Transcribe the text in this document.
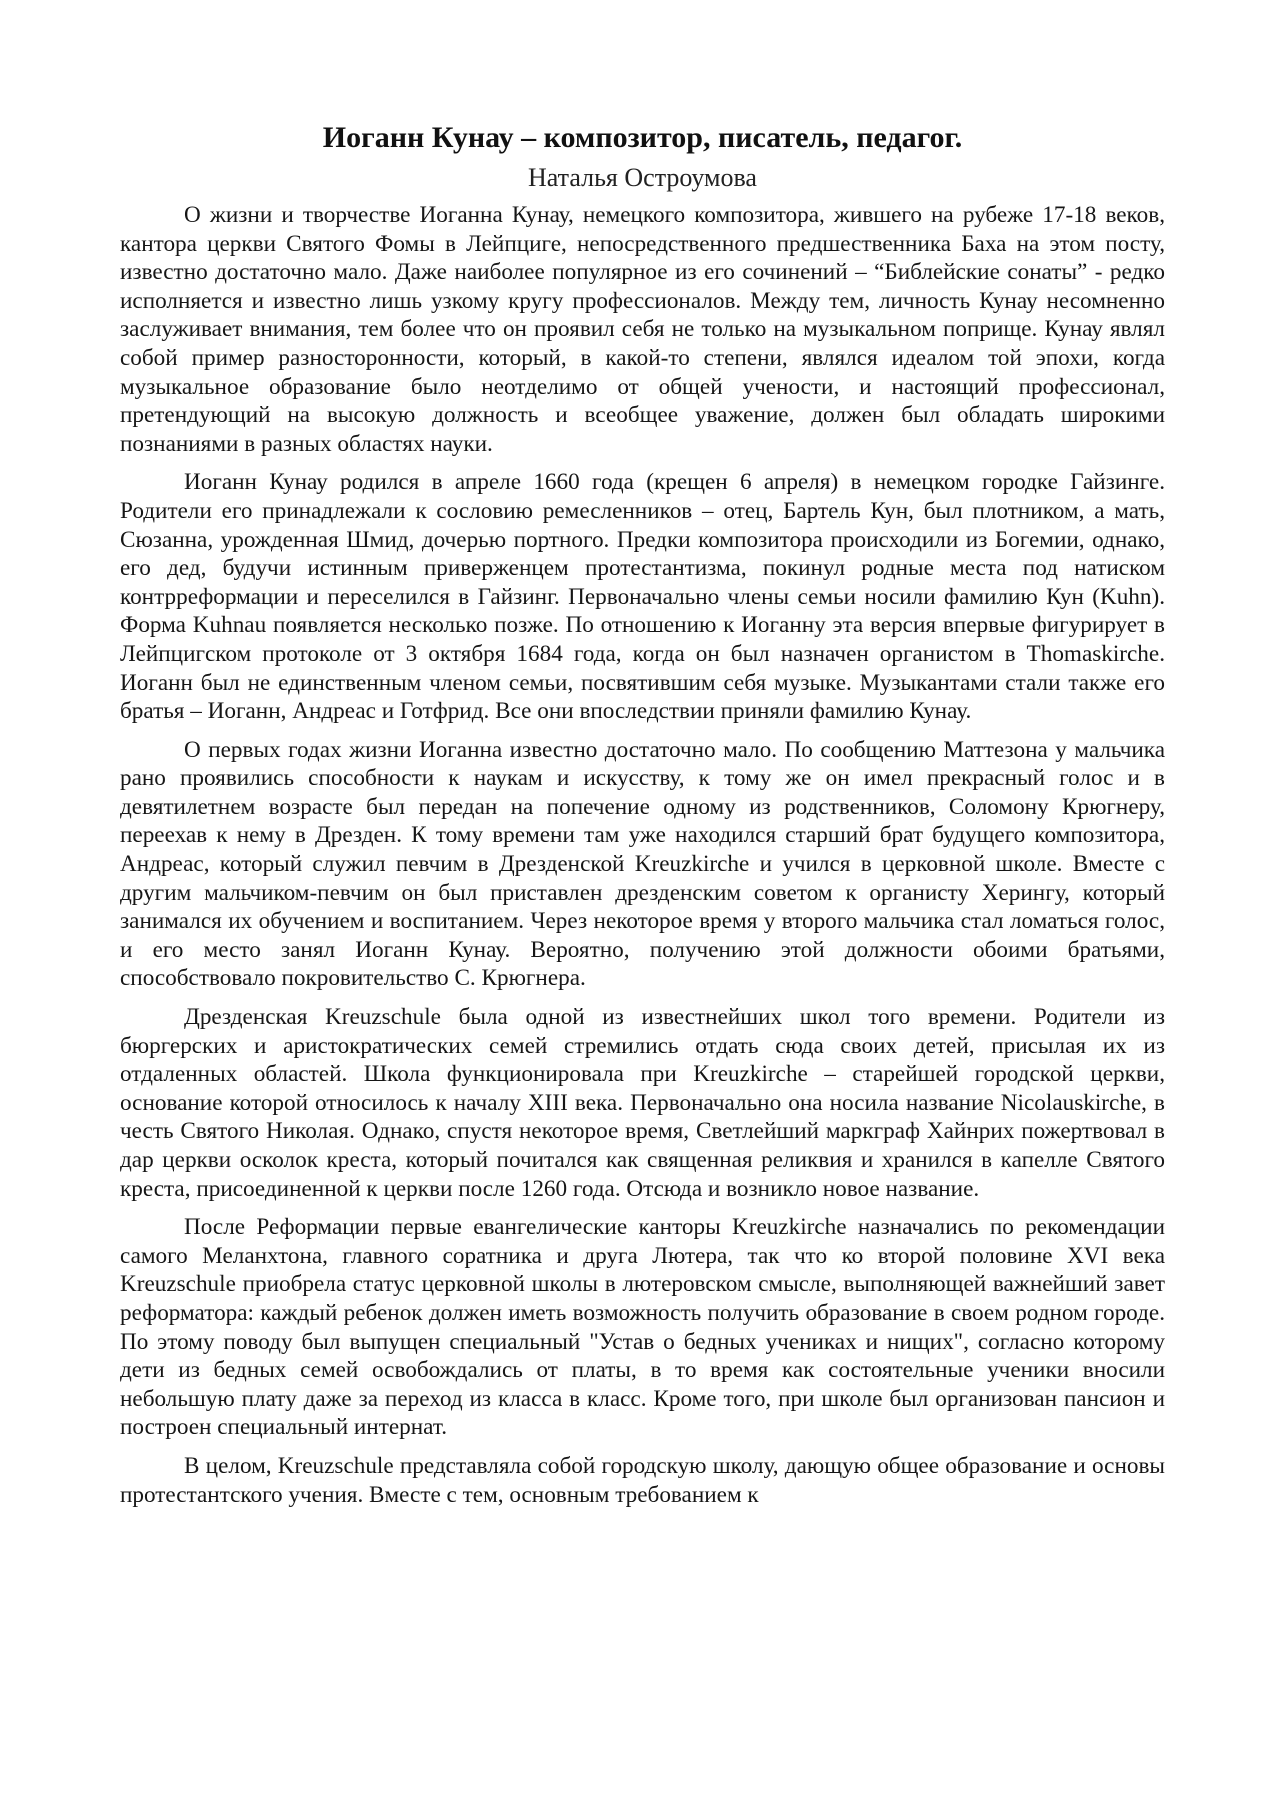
Иоганн Кунау – композитор, писатель, педагог.
Наталья Остроумова

О жизни и творчестве Иоганна Кунау, немецкого композитора, жившего на рубеже 17-18 веков, кантора церкви Святого Фомы в Лейпциге, непосредственного предшественника Баха на этом посту, известно достаточно мало. Даже наиболее популярное из его сочинений – “Библейские сонаты” - редко исполняется и известно лишь узкому кругу профессионалов. Между тем, личность Кунау несомненно заслуживает внимания, тем более что он проявил себя не только на музыкальном поприще. Кунау являл собой пример разносторонности, который, в какой-то степени, являлся идеалом той эпохи, когда музыкальное образование было неотделимо от общей учености, и настоящий профессионал, претендующий на высокую должность и всеобщее уважение, должен был обладать широкими познаниями в разных областях науки.

Иоганн Кунау родился в апреле 1660 года (крещен 6 апреля) в немецком городке Гайзинге. Родители его принадлежали к сословию ремесленников – отец, Бартель Кун, был плотником, а мать, Сюзанна, урожденная Шмид, дочерью портного. Предки композитора происходили из Богемии, однако, его дед, будучи истинным приверженцем протестантизма, покинул родные места под натиском контрреформации и переселился в Гайзинг. Первоначально члены семьи носили фамилию Кун (Kuhn). Форма Kuhnau появляется несколько позже. По отношению к Иоганну эта версия впервые фигурирует в Лейпцигском протоколе от 3 октября 1684 года, когда он был назначен органистом в Thomaskirche. Иоганн был не единственным членом семьи, посвятившим себя музыке. Музыкантами стали также его братья – Иоганн, Андреас и Готфрид. Все они впоследствии приняли фамилию Кунау.

О первых годах жизни Иоганна известно достаточно мало. По сообщению Маттезона у мальчика рано проявились способности к наукам и искусству, к тому же он имел прекрасный голос и в девятилетнем возрасте был передан на попечение одному из родственников, Соломону Крюгнеру, переехав к нему в Дрезден. К тому времени там уже находился старший брат будущего композитора, Андреас, который служил певчим в Дрезденской Kreuzkirche и учился в церковной школе. Вместе с другим мальчиком-певчим он был приставлен дрезденским советом к органисту Херингу, который занимался их обучением и воспитанием. Через некоторое время у второго мальчика стал ломаться голос, и его место занял Иоганн Кунау. Вероятно, получению этой должности обоими братьями, способствовало покровительство С. Крюгнера.

Дрезденская Kreuzschule была одной из известнейших школ того времени. Родители из бюргерских и аристократических семей стремились отдать сюда своих детей, присылая их из отдаленных областей. Школа функционировала при Kreuzkirche – старейшей городской церкви, основание которой относилось к началу XIII века. Первоначально она носила название Nicolauskirche, в честь Святого Николая. Однако, спустя некоторое время, Светлейший маркграф Хайнрих пожертвовал в дар церкви осколок креста, который почитался как священная реликвия и хранился в капелле Святого креста, присоединенной к церкви после 1260 года. Отсюда и возникло новое название.

После Реформации первые евангелические канторы Kreuzkirche назначались по рекомендации самого Меланхтона, главного соратника и друга Лютера, так что ко второй половине XVI века Kreuzschule приобрела статус церковной школы в лютеровском смысле, выполняющей важнейший завет реформатора: каждый ребенок должен иметь возможность получить образование в своем родном городе. По этому поводу был выпущен специальный "Устав о бедных учениках и нищих", согласно которому дети из бедных семей освобождались от платы, в то время как состоятельные ученики вносили небольшую плату даже за переход из класса в класс. Кроме того, при школе был организован пансион и построен специальный интернат.

В целом, Kreuzschule представляла собой городскую школу, дающую общее образование и основы протестантского учения. Вместе с тем, основным требованием к
